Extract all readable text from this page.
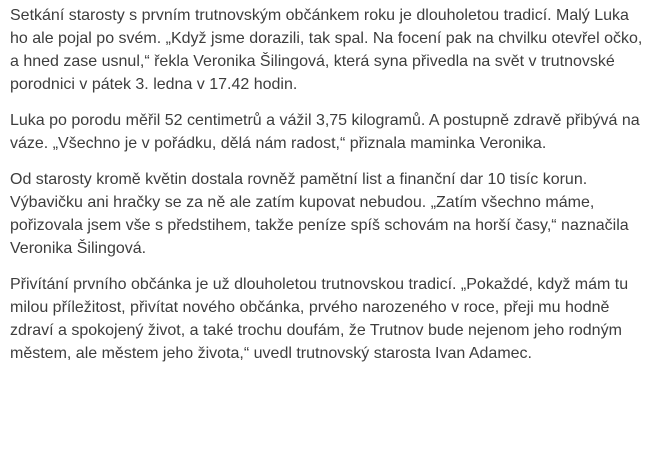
Setkání starosty s prvním trutnovským občánkem roku je dlouholetou tradicí. Malý Luka ho ale pojal po svém. „Když jsme dorazili, tak spal. Na focení pak na chvilku otevřel očko, a hned zase usnul,“ řekla Veronika Šilingová, která syna přivedla na svět v trutnovské porodnici v pátek 3. ledna v 17.42 hodin.

Luka po porodu měřil 52 centimetrů a vážil 3,75 kilogramů. A postupně zdravě přibývá na váze. „Všechno je v pořádku, dělá nám radost,“ přiznala maminka Veronika.

Od starosty kromě květin dostala rovněž pamětní list a finanční dar 10 tisíc korun. Výbavičku ani hračky se za ně ale zatím kupovat nebudou. „Zatím všechno máme, pořizovala jsem vše s předstihem, takže peníze spíš schovám na horší časy,“ naznačila Veronika Šilingová.

Přivítání prvního občánka je už dlouholetou trutnovskou tradicí. „Pokaždé, když mám tu milou příležitost, přivítat nového občánka, prvého narozeného v roce, přeji mu hodně zdraví a spokojený život, a také trochu doufám, že Trutnov bude nejenom jeho rodným městem, ale městem jeho života,“ uvedl trutnovský starosta Ivan Adamec.
